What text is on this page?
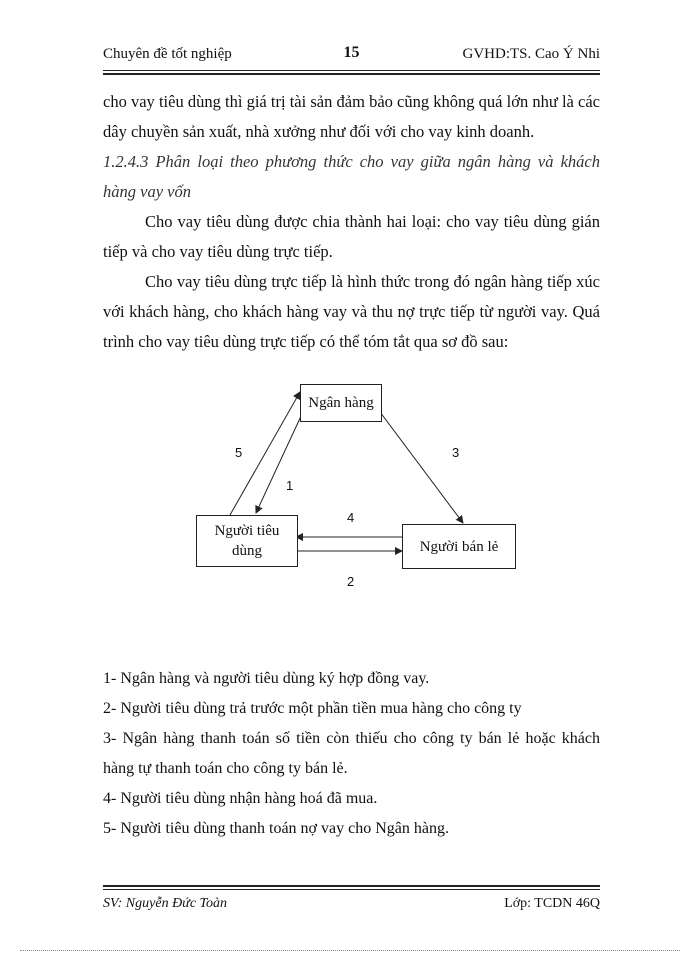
Chuyên đề tốt nghiệp	15	GVHD:TS. Cao Ý Nhi

cho vay tiêu dùng thì giá trị tài sản đảm bảo cũng không quá lớn như là các dây chuyền sản xuất, nhà xưởng như đối với cho vay kinh doanh.

1.2.4.3 Phân loại theo phương thức cho vay giữa ngân hàng và khách hàng vay vốn

Cho vay tiêu dùng được chia thành hai loại: cho vay tiêu dùng gián tiếp và cho vay tiêu dùng trực tiếp.

Cho vay tiêu dùng trực tiếp là hình thức trong đó ngân hàng tiếp xúc với khách hàng, cho khách hàng vay và thu nợ trực tiếp từ người vay. Quá trình cho vay tiêu dùng trực tiếp có thể tóm tắt qua sơ đồ sau:

Ngân hàng
Người tiêu dùng	Người bán lẻ
5
1
3
4
2

1- Ngân hàng và người tiêu dùng ký hợp đồng vay.

2- Người tiêu dùng trả trước một phần tiền mua hàng cho công ty

3- Ngân hàng thanh toán số tiền còn thiếu cho công ty bán lẻ hoặc khách hàng tự thanh toán cho công ty bán lẻ.

4- Người tiêu dùng nhận hàng hoá đã mua.

5- Người tiêu dùng thanh toán nợ vay cho Ngân hàng.

SV: Nguyễn Đức Toàn	Lớp: TCDN 46Q
